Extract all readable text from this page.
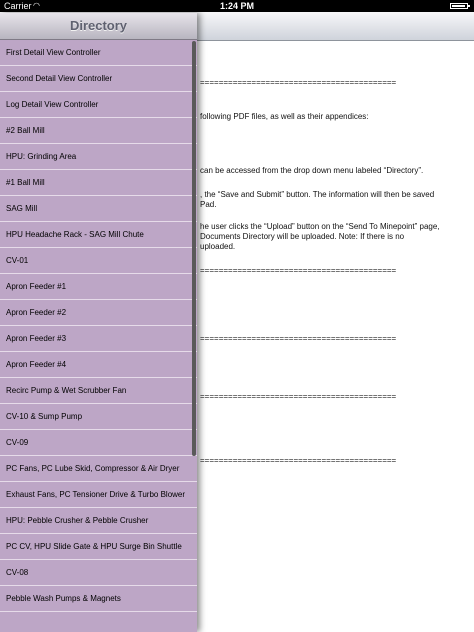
Carrier ◠	1:24 PM
==========================================
following PDF files, as well as their appendices:
can be accessed from the drop down menu labeled “Directory”.
, the “Save and Submit” button. The information will then be saved
Pad.
he user clicks the “Upload” button on the “Send To Minepoint” page,
Documents Directory will be uploaded. Note: If there is no
uploaded.
==========================================
==========================================
==========================================
==========================================
Directory
First Detail View Controller
Second Detail View Controller
Log Detail View Controller
#2 Ball Mill
HPU: Grinding Area
#1 Ball Mill
SAG Mill
HPU Headache Rack - SAG Mill Chute
CV-01
Apron Feeder #1
Apron Feeder #2
Apron Feeder #3
Apron Feeder #4
Recirc Pump & Wet Scrubber Fan
CV-10 & Sump Pump
CV-09
PC Fans, PC Lube Skid, Compressor & Air Dryer
Exhaust Fans, PC Tensioner Drive & Turbo Blower
HPU: Pebble Crusher & Pebble Crusher
PC CV, HPU Slide Gate & HPU Surge Bin Shuttle
CV-08
Pebble Wash Pumps & Magnets
